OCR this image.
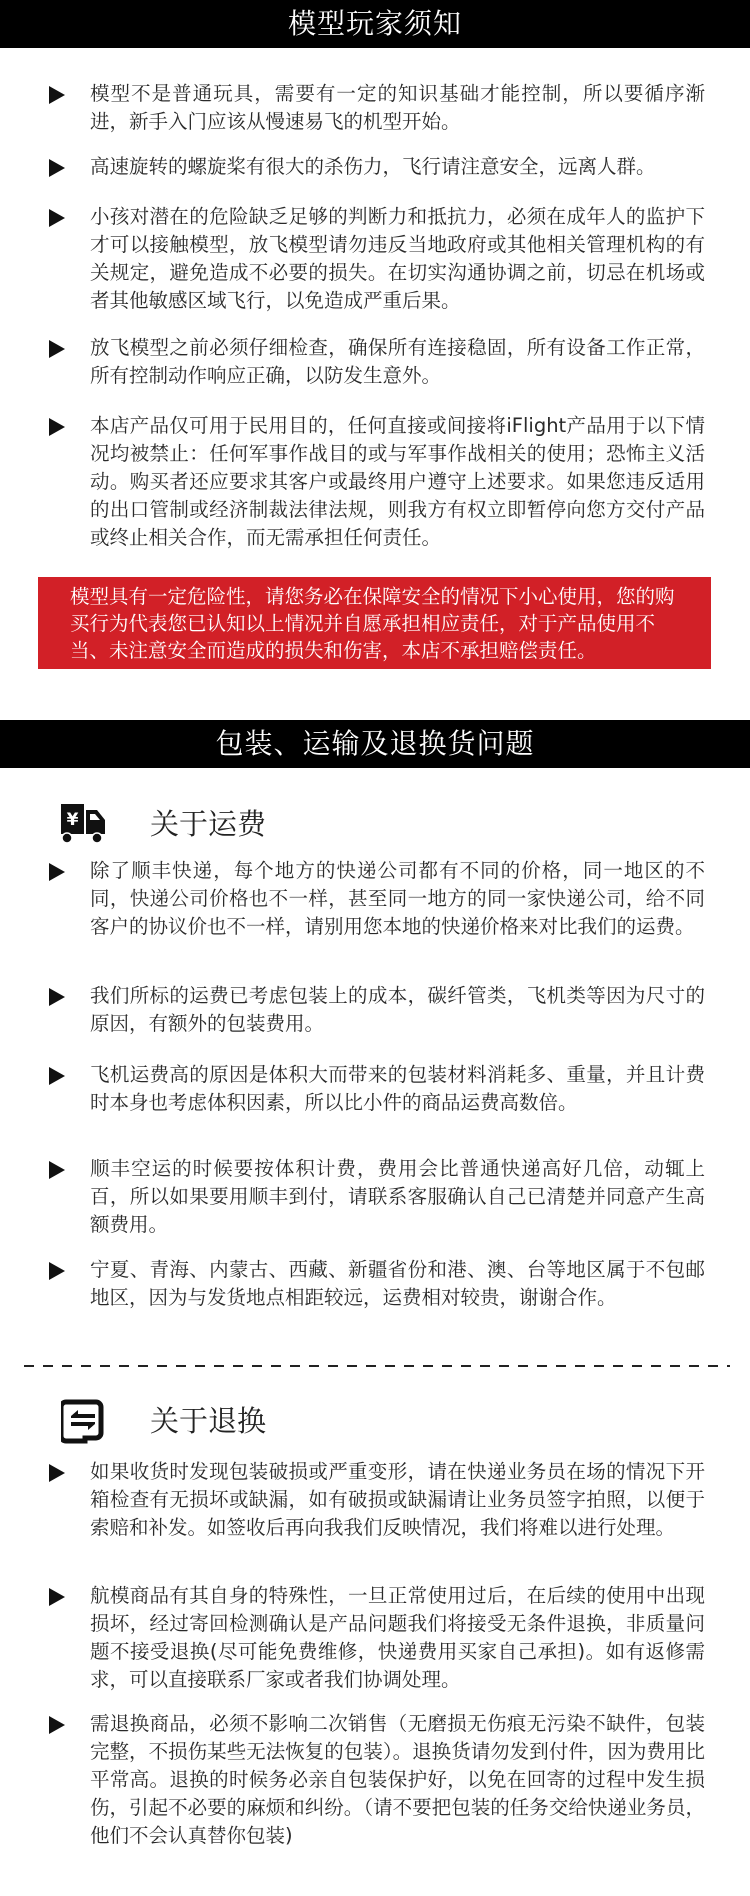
模型玩家须知

模型不是普通玩具，需要有一定的知识基础才能控制，所以要循序渐进，新手入门应该从慢速易飞的机型开始。

高速旋转的螺旋桨有很大的杀伤力，飞行请注意安全，远离人群。

小孩对潜在的危险缺乏足够的判断力和抵抗力，必须在成年人的监护下才可以接触模型，放飞模型请勿违反当地政府或其他相关管理机构的有关规定，避免造成不必要的损失。在切实沟通协调之前，切忌在机场或者其他敏感区域飞行，以免造成严重后果。

放飞模型之前必须仔细检查，确保所有连接稳固，所有设备工作正常，所有控制动作响应正确，以防发生意外。

本店产品仅可用于民用目的，任何直接或间接将iFlight产品用于以下情况均被禁止：任何军事作战目的或与军事作战相关的使用；恐怖主义活动。购买者还应要求其客户或最终用户遵守上述要求。如果您违反适用的出口管制或经济制裁法律法规，则我方有权立即暂停向您方交付产品或终止相关合作，而无需承担任何责任。

模型具有一定危险性，请您务必在保障安全的情况下小心使用，您的购买行为代表您已认知以上情况并自愿承担相应责任，对于产品使用不当、未注意安全而造成的损失和伤害，本店不承担赔偿责任。
包装、运输及退换货问题
¥ 关于运费

除了顺丰快递，每个地方的快递公司都有不同的价格，同一地区的不同，快递公司价格也不一样，甚至同一地方的同一家快递公司，给不同客户的协议价也不一样，请别用您本地的快递价格来对比我们的运费。

我们所标的运费已考虑包装上的成本，碳纤管类，飞机类等因为尺寸的原因，有额外的包装费用。

飞机运费高的原因是体积大而带来的包装材料消耗多、重量，并且计费时本身也考虑体积因素，所以比小件的商品运费高数倍。

顺丰空运的时候要按体积计费，费用会比普通快递高好几倍，动辄上百，所以如果要用顺丰到付，请联系客服确认自己已清楚并同意产生高额费用。

宁夏、青海、内蒙古、西藏、新疆省份和港、澳、台等地区属于不包邮地区，因为与发货地点相距较远，运费相对较贵，谢谢合作。

关于退换

如果收货时发现包装破损或严重变形，请在快递业务员在场的情况下开箱检查有无损坏或缺漏，如有破损或缺漏请让业务员签字拍照，以便于索赔和补发。如签收后再向我我们反映情况，我们将难以进行处理。

航模商品有其自身的特殊性，一旦正常使用过后，在后续的使用中出现损坏，经过寄回检测确认是产品问题我们将接受无条件退换，非质量问题不接受退换(尽可能免费维修，快递费用买家自己承担)。如有返修需求，可以直接联系厂家或者我们协调处理。

需退换商品，必须不影响二次销售（无磨损无伤痕无污染不缺件，包装完整，不损伤某些无法恢复的包装）。退换货请勿发到付件，因为费用比平常高。退换的时候务必亲自包装保护好，以免在回寄的过程中发生损伤，引起不必要的麻烦和纠纷。（请不要把包装的任务交给快递业务员，他们不会认真替你包装)
